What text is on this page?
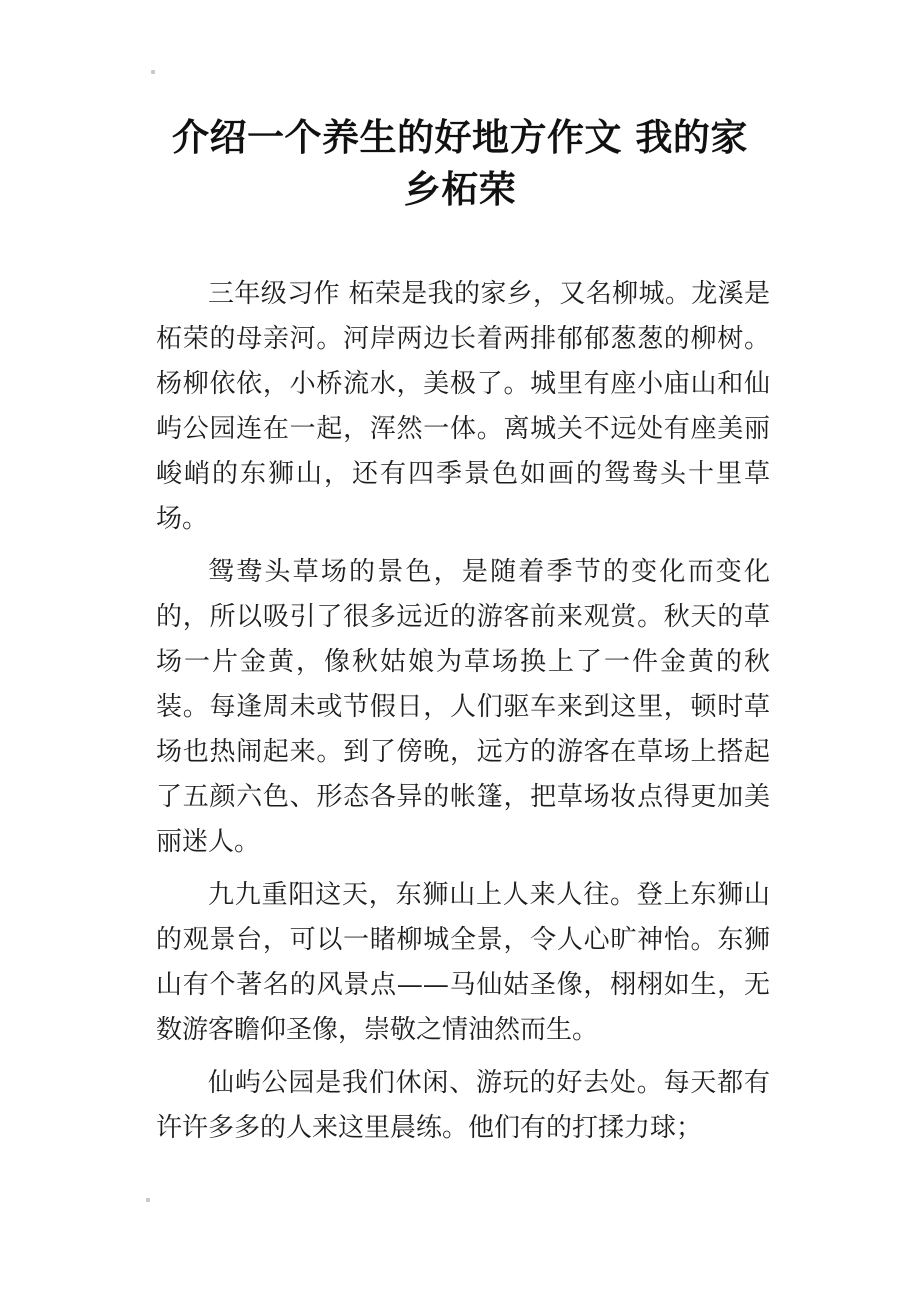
介绍一个养生的好地方作文 我的家
乡柘荣

三年级习作 柘荣是我的家乡，又名柳城。龙溪是柘荣的母亲河。河岸两边长着两排郁郁葱葱的柳树。杨柳依依，小桥流水，美极了。城里有座小庙山和仙屿公园连在一起，浑然一体。离城关不远处有座美丽峻峭的东狮山，还有四季景色如画的鸳鸯头十里草场。

鸳鸯头草场的景色，是随着季节的变化而变化的，所以吸引了很多远近的游客前来观赏。秋天的草场一片金黄，像秋姑娘为草场换上了一件金黄的秋装。每逢周未或节假日，人们驱车来到这里，顿时草场也热闹起来。到了傍晚，远方的游客在草场上搭起了五颜六色、形态各异的帐篷，把草场妆点得更加美丽迷人。

九九重阳这天，东狮山上人来人往。登上东狮山的观景台，可以一睹柳城全景，令人心旷神怡。东狮山有个著名的风景点——马仙姑圣像，栩栩如生，无数游客瞻仰圣像，崇敬之情油然而生。

仙屿公园是我们休闲、游玩的好去处。每天都有许许多多的人来这里晨练。他们有的打揉力球；
